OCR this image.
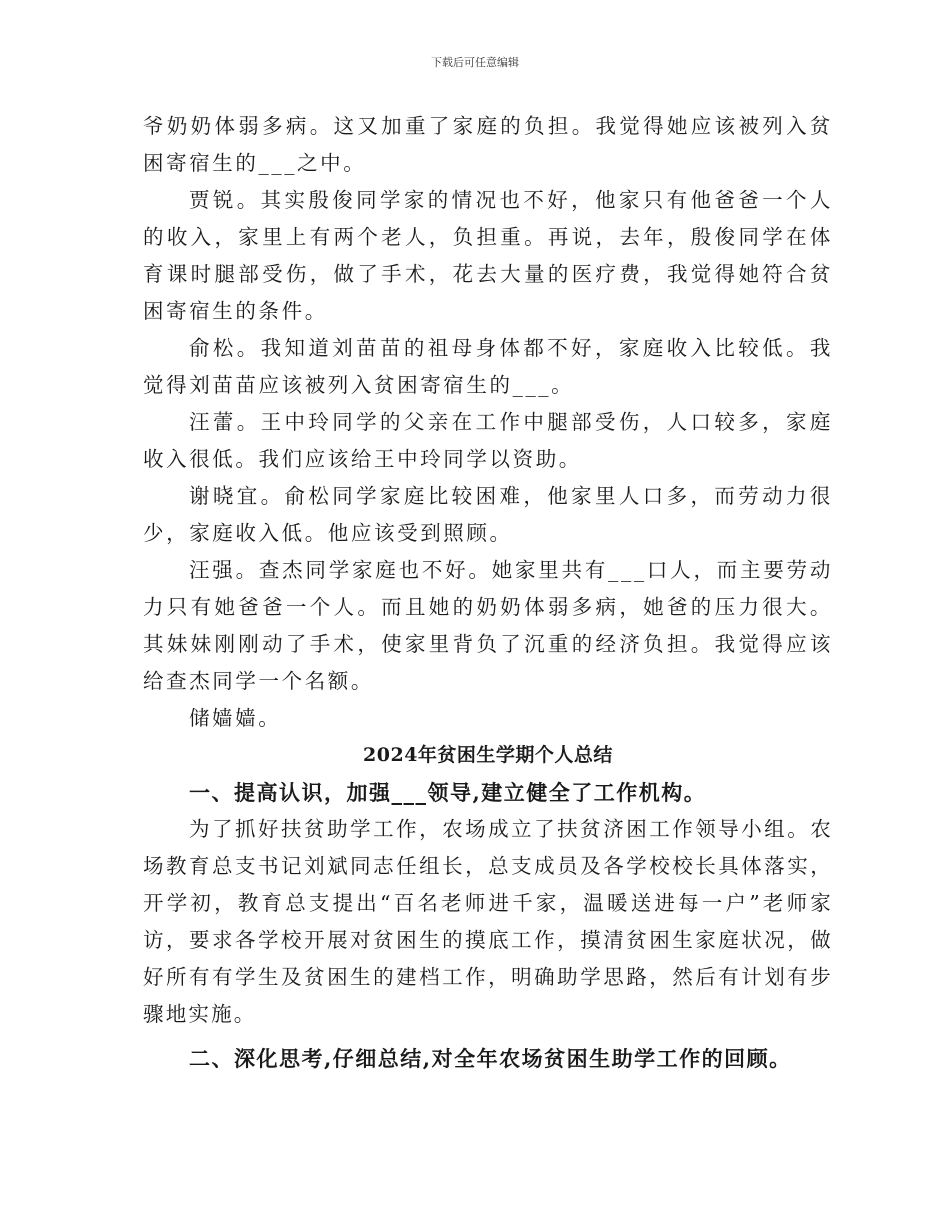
下载后可任意编辑

爷奶奶体弱多病。这又加重了家庭的负担。我觉得她应该被列入贫困寄宿生的___之中。

贾锐。其实殷俊同学家的情况也不好，他家只有他爸爸一个人的收入，家里上有两个老人，负担重。再说，去年，殷俊同学在体育课时腿部受伤，做了手术，花去大量的医疗费，我觉得她符合贫困寄宿生的条件。

俞松。我知道刘苗苗的祖母身体都不好，家庭收入比较低。我觉得刘苗苗应该被列入贫困寄宿生的___。

汪蕾。王中玲同学的父亲在工作中腿部受伤，人口较多，家庭收入很低。我们应该给王中玲同学以资助。

谢晓宜。俞松同学家庭比较困难，他家里人口多，而劳动力很少，家庭收入低。他应该受到照顾。

汪强。查杰同学家庭也不好。她家里共有___口人，而主要劳动力只有她爸爸一个人。而且她的奶奶体弱多病，她爸的压力很大。其妹妹刚刚动了手术，使家里背负了沉重的经济负担。我觉得应该给查杰同学一个名额。

储嫱嫱。

2024年贫困生学期个人总结

一、提高认识，加强___领导,建立健全了工作机构。

为了抓好扶贫助学工作，农场成立了扶贫济困工作领导小组。农场教育总支书记刘斌同志任组长，总支成员及各学校校长具体落实，开学初，教育总支提出“百名老师进千家，温暖送进每一户”老师家访，要求各学校开展对贫困生的摸底工作，摸清贫困生家庭状况，做好所有有学生及贫困生的建档工作，明确助学思路，然后有计划有步骤地实施。

二、深化思考,仔细总结,对全年农场贫困生助学工作的回顾。
